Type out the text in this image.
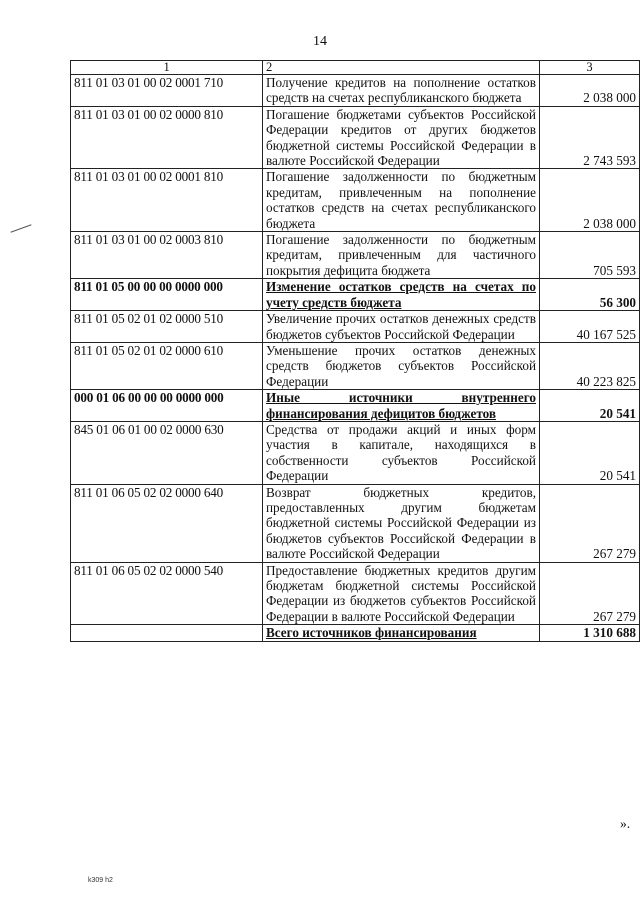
14
1	2	3
811 01 03 01 00 02 0001 710	Получение кредитов на пополнение остатков средств на счетах республиканского бюджета	2 038 000
811 01 03 01 00 02 0000 810	Погашение бюджетами субъектов Российской Федерации кредитов от других бюджетов бюджетной системы Российской Федерации в валюте Российской Федерации	2 743 593
811 01 03 01 00 02 0001 810	Погашение задолженности по бюджетным кредитам, привлеченным на пополнение остатков средств на счетах республиканского бюджета	2 038 000
811 01 03 01 00 02 0003 810	Погашение задолженности по бюджетным кредитам, привлеченным для частичного покрытия дефицита бюджета	705 593
811 01 05 00 00 00 0000 000	Изменение остатков средств на счетах по учету средств бюджета	56 300
811 01 05 02 01 02 0000 510	Увеличение прочих остатков денежных средств бюджетов субъектов Российской Федерации	40 167 525
811 01 05 02 01 02 0000 610	Уменьшение прочих остатков денежных средств бюджетов субъектов Российской Федерации	40 223 825
000 01 06 00 00 00 0000 000	Иные источники внутреннего финансирования дефицитов бюджетов	20 541
845 01 06 01 00 02 0000 630	Средства от продажи акций и иных форм участия в капитале, находящихся в собственности субъектов Российской Федерации	20 541
811 01 06 05 02 02 0000 640	Возврат бюджетных кредитов, предоставленных другим бюджетам бюджетной системы Российской Федерации из бюджетов субъектов Российской Федерации в валюте Российской Федерации	267 279
811 01 06 05 02 02 0000 540	Предоставление бюджетных кредитов другим бюджетам бюджетной системы Российской Федерации из бюджетов субъектов Российской Федерации в валюте Российской Федерации	267 279
	Всего источников финансирования	1 310 688
».
k309 h2
